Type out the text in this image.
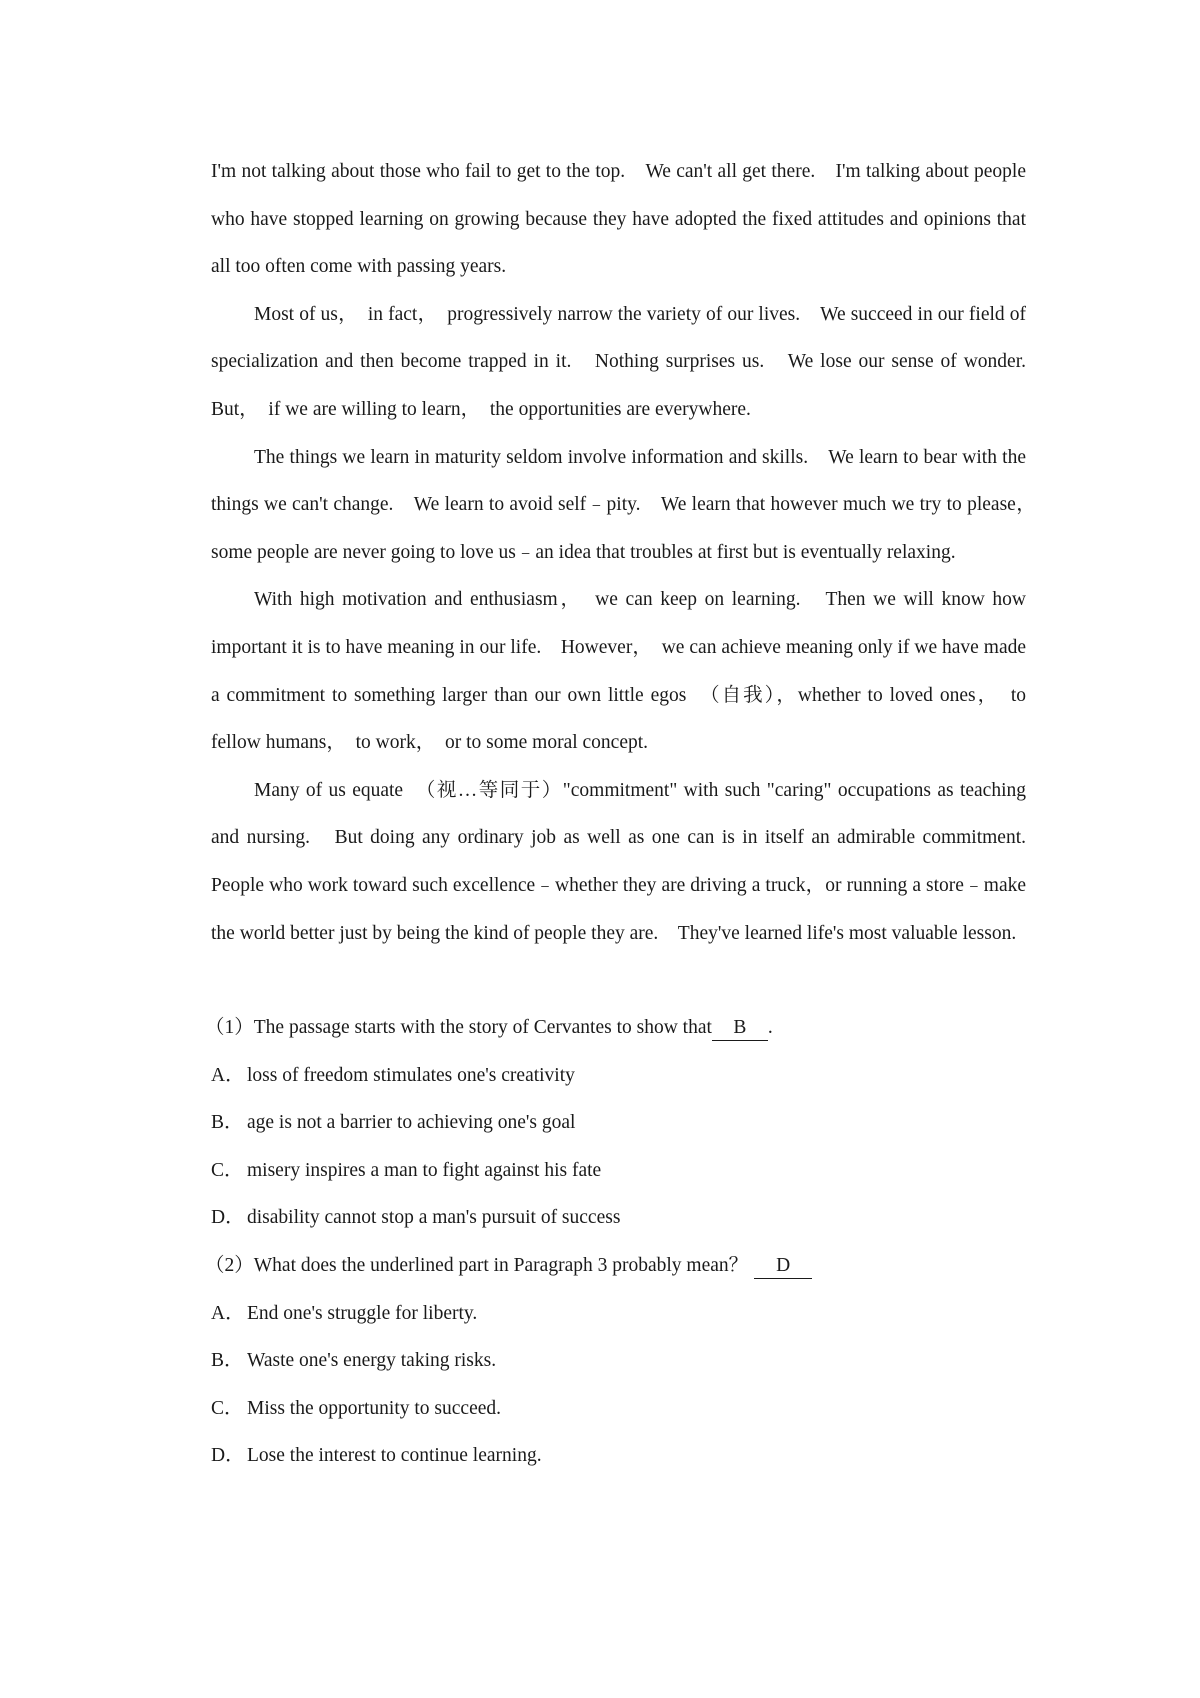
I'm not talking about those who fail to get to the top.　We can't all get there.　I'm talking about people who have stopped learning on growing because they have adopted the fixed attitudes and opinions that all too often come with passing years.

Most of us，　in fact，　progressively narrow the variety of our lives.　We succeed in our field of specialization and then become trapped in it.　Nothing surprises us.　We lose our sense of wonder.　But，　if we are willing to learn，　the opportunities are everywhere.

The things we learn in maturity seldom involve information and skills.　We learn to bear with the things we can't change.　We learn to avoid self﹣pity.　We learn that however much we try to please，　some people are never going to love us﹣an idea that troubles at first but is eventually relaxing.

With high motivation and enthusiasm，　we can keep on learning.　Then we will know how important it is to have meaning in our life.　However，　we can achieve meaning only if we have made a commitment to something larger than our own little egos　（自我），whether to loved ones，　to fellow humans，　to work，　or to some moral concept.

Many of us equate　（视…等同于）"commitment" with such "caring" occupations as teaching and nursing.　But doing any ordinary job as well as one can is in itself an admirable commitment.　People who work toward such excellence﹣whether they are driving a truck，or running a store﹣make the world better just by being the kind of people they are.　They've learned life's most valuable lesson.

（1）The passage starts with the story of Cervantes to show that B .

A． loss of freedom stimulates one's creativity

B． age is not a barrier to achieving one's goal

C． misery inspires a man to fight against his fate

D． disability cannot stop a man's pursuit of success

（2）What does the underlined part in Paragraph 3 probably mean？ D

A． End one's struggle for liberty.

B． Waste one's energy taking risks.

C． Miss the opportunity to succeed.

D． Lose the interest to continue learning.
